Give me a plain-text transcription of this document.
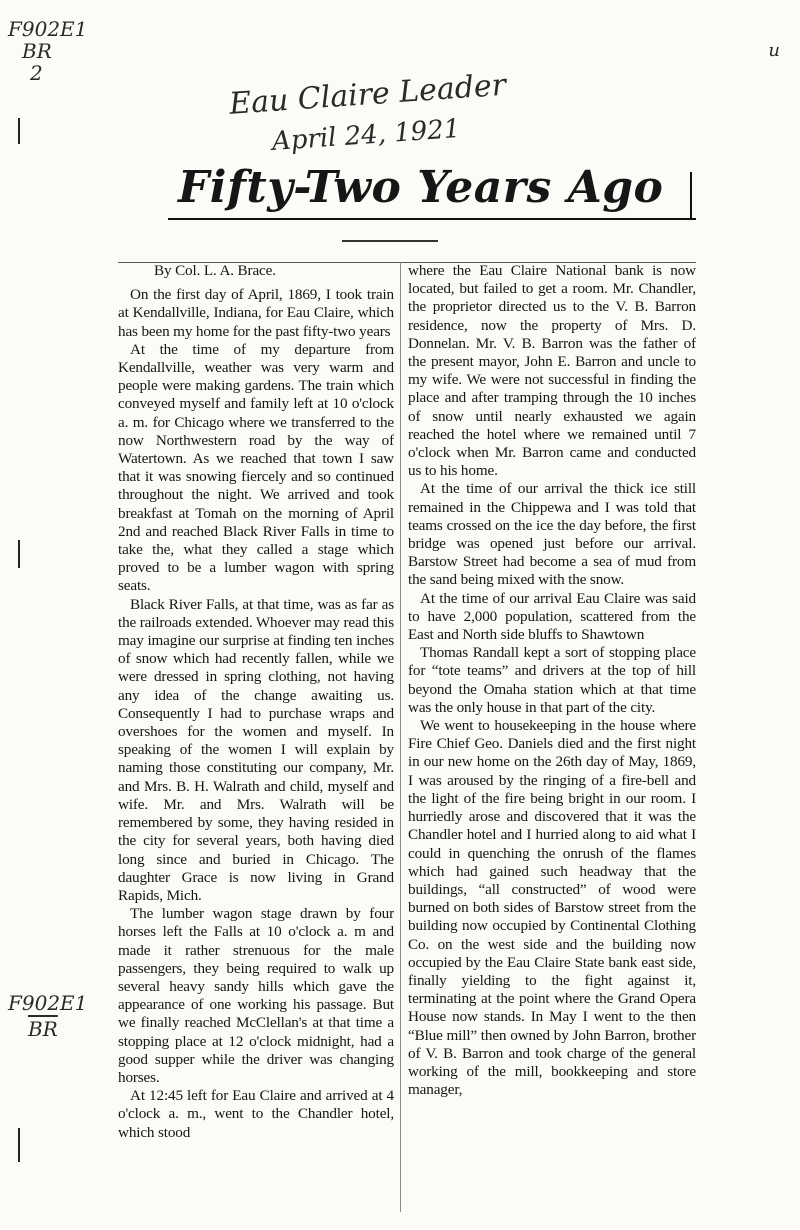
F902E1
BR
2
F902E1
$\overline{BR}$
u
Eau Claire Leader
April 24, 1921
Fifty-Two Years Ago

By Col. L. A. Brace.

On the first day of April, 1869, I took train at Kendallville, Indiana, for Eau Claire, which has been my home for the past fifty-two years

At the time of my departure from Kendallville, weather was very warm and people were making gardens. The train which conveyed myself and family left at 10 o'clock a. m. for Chicago where we transferred to the now Northwestern road by the way of Watertown. As we reached that town I saw that it was snowing fiercely and so continued throughout the night. We arrived and took breakfast at Tomah on the morning of April 2nd and reached Black River Falls in time to take the, what they called a stage which proved to be a lumber wagon with spring seats.

Black River Falls, at that time, was as far as the railroads extended. Whoever may read this may imagine our surprise at finding ten inches of snow which had recently fallen, while we were dressed in spring clothing, not having any idea of the change awaiting us. Consequently I had to purchase wraps and overshoes for the women and myself. In speaking of the women I will explain by naming those constituting our company, Mr. and Mrs. B. H. Walrath and child, myself and wife. Mr. and Mrs. Walrath will be remembered by some, they having resided in the city for several years, both having died long since and buried in Chicago. The daughter Grace is now living in Grand Rapids, Mich.

The lumber wagon stage drawn by four horses left the Falls at 10 o'clock a. m and made it rather strenuous for the male passengers, they being required to walk up several heavy sandy hills which gave the appearance of one working his passage. But we finally reached McClellan's at that time a stopping place at 12 o'clock midnight, had a good supper while the driver was changing horses.

At 12:45 left for Eau Claire and arrived at 4 o'clock a. m., went to the Chandler hotel, which stood

where the Eau Claire National bank is now located, but failed to get a room. Mr. Chandler, the proprietor directed us to the V. B. Barron residence, now the property of Mrs. D. Donnelan. Mr. V. B. Barron was the father of the present mayor, John E. Barron and uncle to my wife. We were not successful in finding the place and after tramping through the 10 inches of snow until nearly exhausted we again reached the hotel where we remained until 7 o'clock when Mr. Barron came and conducted us to his home.

At the time of our arrival the thick ice still remained in the Chippewa and I was told that teams crossed on the ice the day before, the first bridge was opened just before our arrival. Barstow Street had become a sea of mud from the sand being mixed with the snow.

At the time of our arrival Eau Claire was said to have 2,000 population, scattered from the East and North side bluffs to Shawtown

Thomas Randall kept a sort of stopping place for “tote teams” and drivers at the top of hill beyond the Omaha station which at that time was the only house in that part of the city.

We went to housekeeping in the house where Fire Chief Geo. Daniels died and the first night in our new home on the 26th day of May, 1869, I was aroused by the ringing of a fire-bell and the light of the fire being bright in our room. I hurriedly arose and discovered that it was the Chandler hotel and I hurried along to aid what I could in quenching the onrush of the flames which had gained such headway that the buildings, “all constructed” of wood were burned on both sides of Barstow street from the building now occupied by Continental Clothing Co. on the west side and the building now occupied by the Eau Claire State bank east side, finally yielding to the fight against it, terminating at the point where the Grand Opera House now stands. In May I went to the then “Blue mill” then owned by John Barron, brother of V. B. Barron and took charge of the general working of the mill, bookkeeping and store manager,
